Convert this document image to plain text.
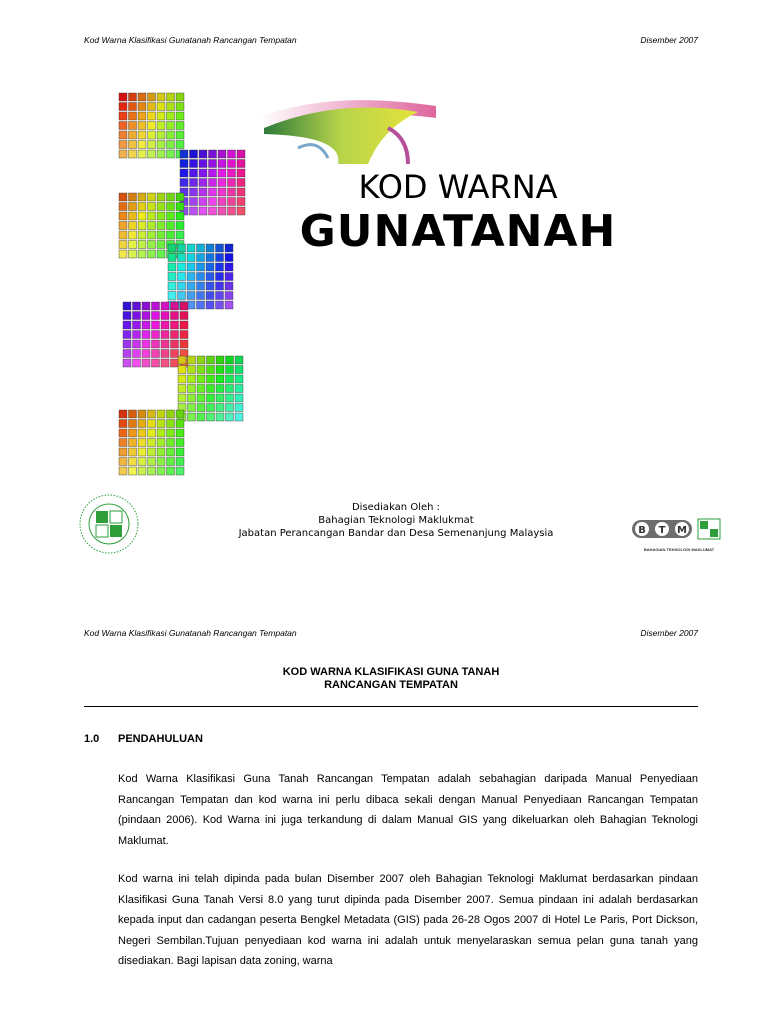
Kod Warna Klasifikasi Gunatanah Rancangan Tempatan	Disember 2007
KOD WARNA
GUNATANAH
Disediakan Oleh :
Bahagian Teknologi Maklukmat
Jabatan Perancangan Bandar dan Desa Semenanjung Malaysia	B T M
BAHAGIAN TEKNOLOGI MAKLUMAT
Kod Warna Klasifikasi Gunatanah Rancangan Tempatan	Disember 2007
KOD WARNA KLASIFIKASI GUNA TANAH
RANCANGAN TEMPATAN
1.0 PENDAHULUAN

Kod Warna Klasifikasi Guna Tanah Rancangan Tempatan adalah sebahagian daripada Manual Penyediaan Rancangan Tempatan dan kod warna ini perlu dibaca sekali dengan Manual Penyediaan Rancangan Tempatan (pindaan 2006). Kod Warna ini juga terkandung di dalam Manual GIS yang dikeluarkan oleh Bahagian Teknologi Maklumat.

Kod warna ini telah dipinda pada bulan Disember 2007 oleh Bahagian Teknologi Maklumat berdasarkan pindaan Klasifikasi Guna Tanah Versi 8.0 yang turut dipinda pada Disember 2007. Semua pindaan ini adalah berdasarkan kepada input dan cadangan peserta Bengkel Metadata (GIS) pada 26-28 Ogos 2007 di Hotel Le Paris, Port Dickson, Negeri Sembilan.Tujuan penyediaan kod warna ini adalah untuk menyelaraskan semua pelan guna tanah yang disediakan. Bagi lapisan data zoning, warna
